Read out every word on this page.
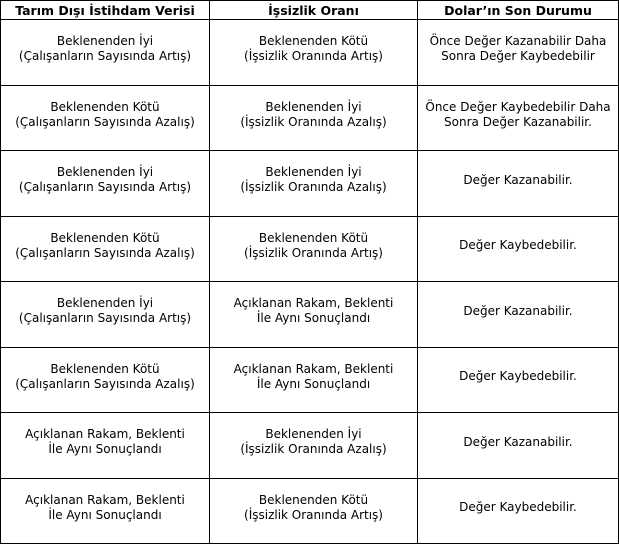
Tarım Dışı İstihdam Verisi	İşsizlik Oranı	Dolar’ın Son Durumu

Beklenenden İyi
(Çalışanların Sayısında Artış)	Beklenenden Kötü
(İşsizlik Oranında Artış)	Önce Değer Kazanabilir Daha
Sonra Değer Kaybedebilir

Beklenenden Kötü
(Çalışanların Sayısında Azalış)	Beklenenden İyi
(İşsizlik Oranında Azalış)	Önce Değer Kaybedebilir Daha
Sonra Değer Kazanabilir.

Beklenenden İyi
(Çalışanların Sayısında Artış)	Beklenenden İyi
(İşsizlik Oranında Azalış)	Değer Kazanabilir.

Beklenenden Kötü
(Çalışanların Sayısında Azalış)	Beklenenden Kötü
(İşsizlik Oranında Artış)	Değer Kaybedebilir.

Beklenenden İyi
(Çalışanların Sayısında Artış)	Açıklanan Rakam, Beklenti
İle Aynı Sonuçlandı	Değer Kazanabilir.

Beklenenden Kötü
(Çalışanların Sayısında Azalış)	Açıklanan Rakam, Beklenti
İle Aynı Sonuçlandı	Değer Kaybedebilir.

Açıklanan Rakam, Beklenti
İle Aynı Sonuçlandı	Beklenenden İyi
(İşsizlik Oranında Azalış)	Değer Kazanabilir.

Açıklanan Rakam, Beklenti
İle Aynı Sonuçlandı	Beklenenden Kötü
(İşsizlik Oranında Artış)	Değer Kaybedebilir.
